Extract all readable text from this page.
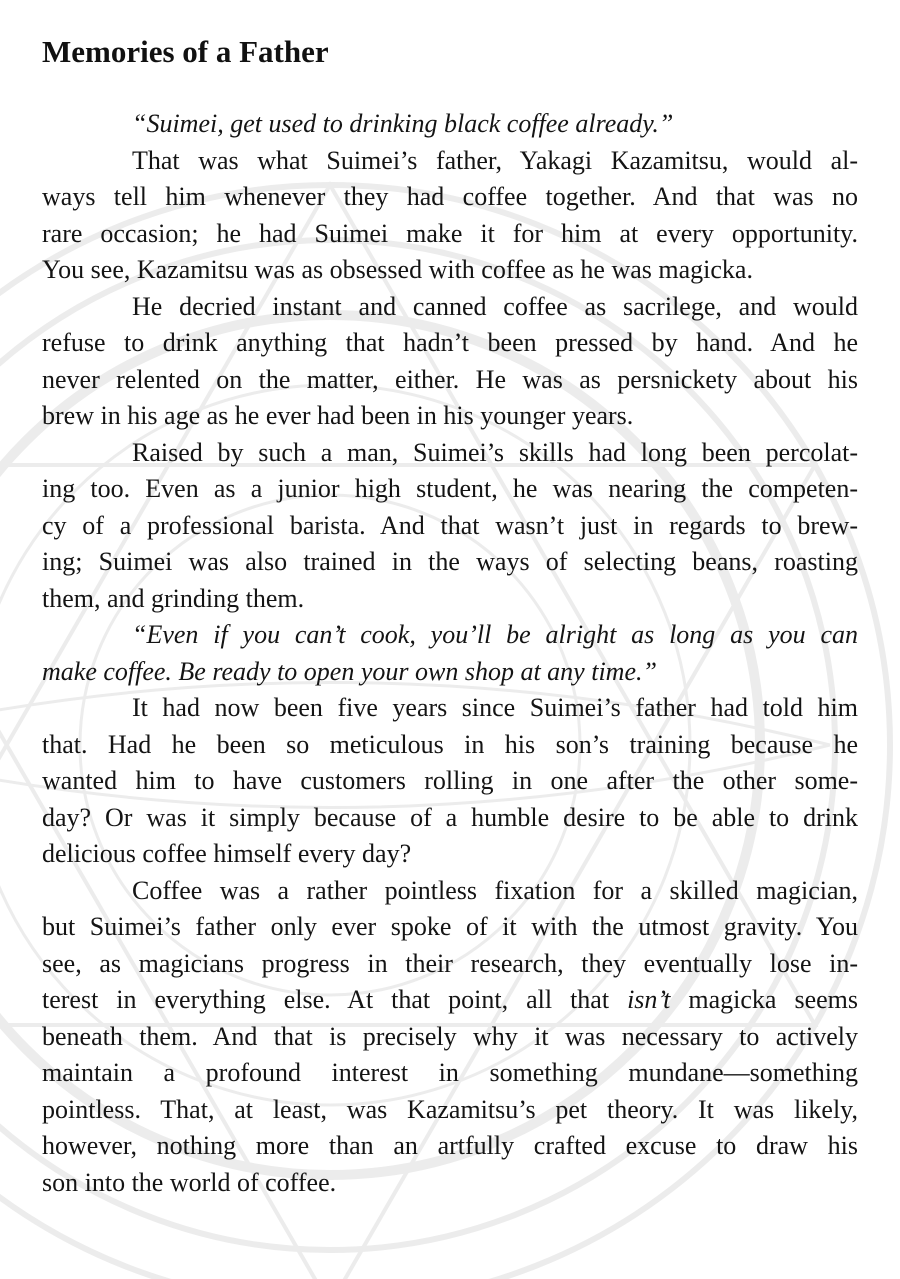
Memories of a Father
“Suimei, get used to drinking black coffee already.”
That was what Suimei’s father, Yakagi Kazamitsu, would al-
ways tell him whenever they had coffee together. And that was no
rare occasion; he had Suimei make it for him at every opportunity.
You see, Kazamitsu was as obsessed with coffee as he was magicka.
He decried instant and canned coffee as sacrilege, and would
refuse to drink anything that hadn’t been pressed by hand. And he
never relented on the matter, either. He was as persnickety about his
brew in his age as he ever had been in his younger years.
Raised by such a man, Suimei’s skills had long been percolat-
ing too. Even as a junior high student, he was nearing the competen-
cy of a professional barista. And that wasn’t just in regards to brew-
ing; Suimei was also trained in the ways of selecting beans, roasting
them, and grinding them.
“Even if you can’t cook, you’ll be alright as long as you can
make coffee. Be ready to open your own shop at any time.”
It had now been five years since Suimei’s father had told him
that. Had he been so meticulous in his son’s training because he
wanted him to have customers rolling in one after the other some-
day? Or was it simply because of a humble desire to be able to drink
delicious coffee himself every day?
Coffee was a rather pointless fixation for a skilled magician,
but Suimei’s father only ever spoke of it with the utmost gravity. You
see, as magicians progress in their research, they eventually lose in-
terest in everything else. At that point, all that isn’t magicka seems
beneath them. And that is precisely why it was necessary to actively
maintain a profound interest in something mundane—something
pointless. That, at least, was Kazamitsu’s pet theory. It was likely,
however, nothing more than an artfully crafted excuse to draw his
son into the world of coffee.
